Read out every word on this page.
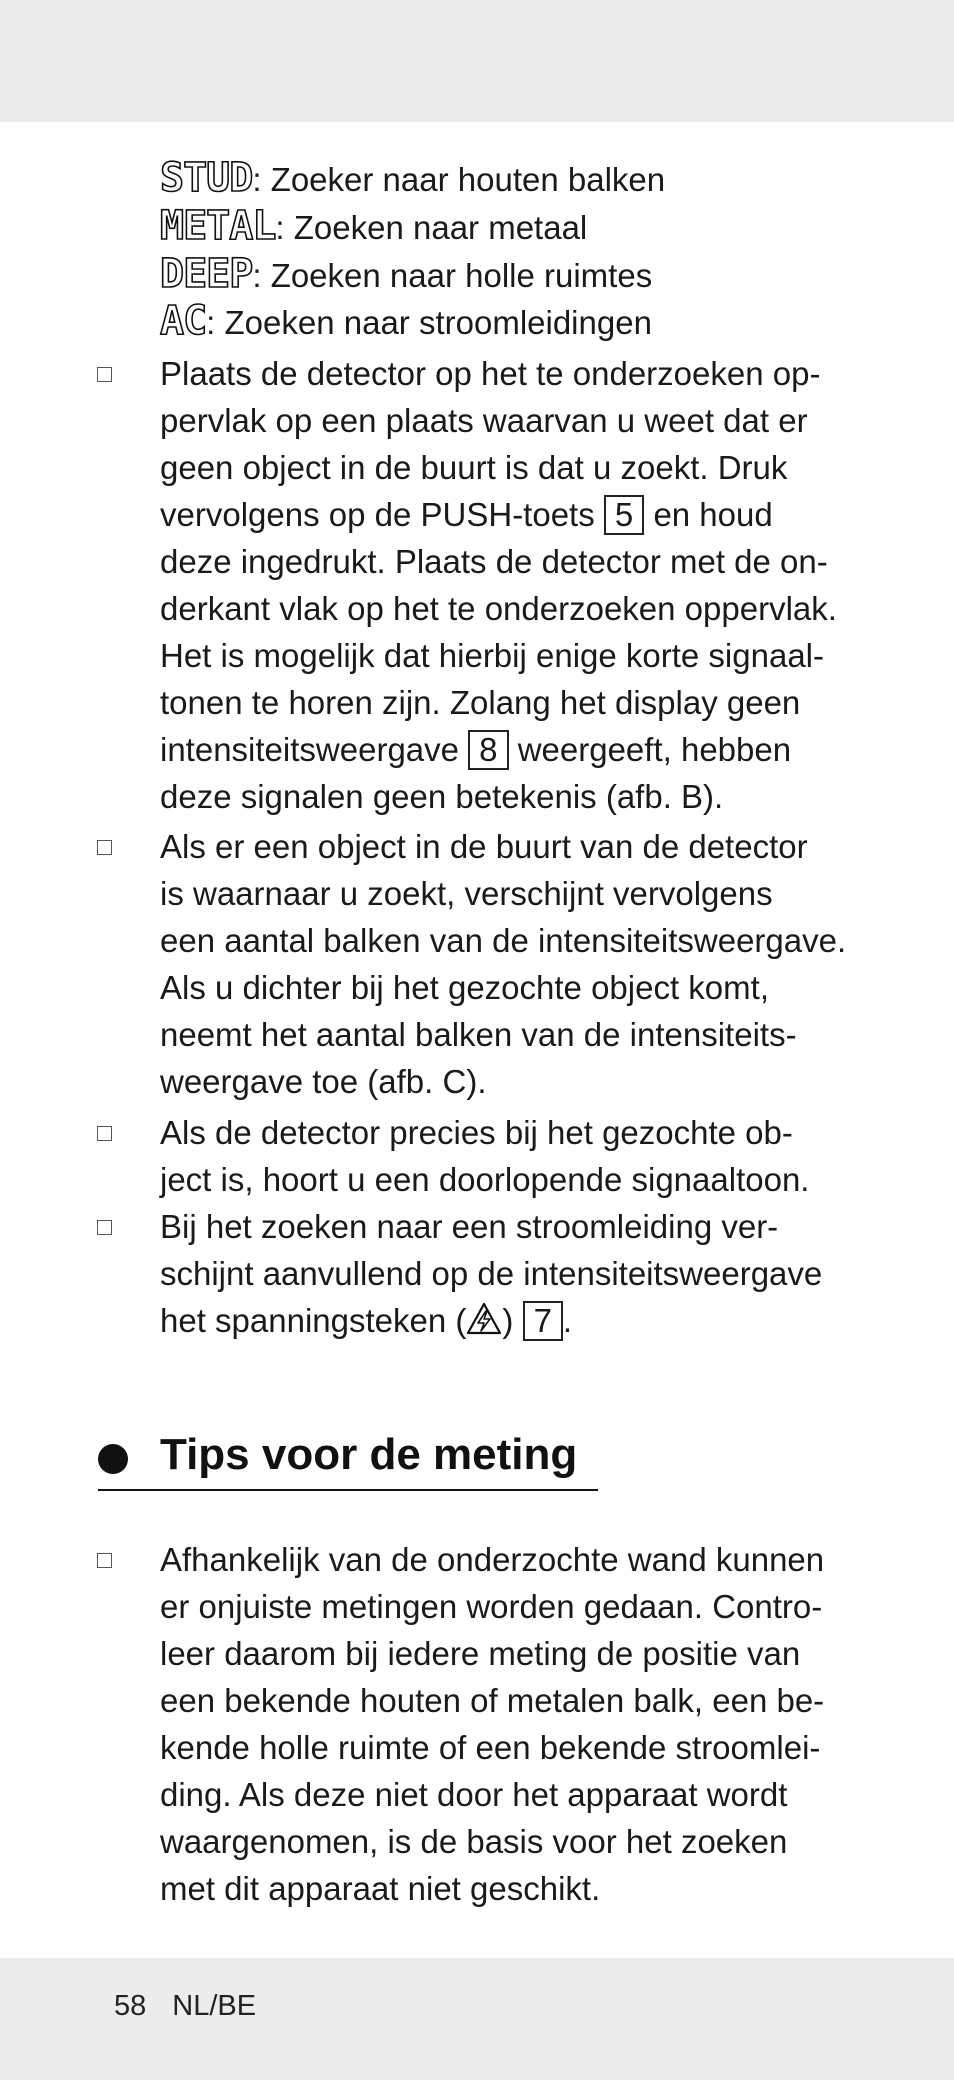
STUD: Zoeker naar houten balken
METAL: Zoeken naar metaal
DEEP: Zoeken naar holle ruimtes
AC: Zoeken naar stroomleidingen
Plaats de detector op het te onderzoeken op-
pervlak op een plaats waarvan u weet dat er
geen object in de buurt is dat u zoekt. Druk
vervolgens op de PUSH-toets 5 en houd
deze ingedrukt. Plaats de detector met de on-
derkant vlak op het te onderzoeken oppervlak.
Het is mogelijk dat hierbij enige korte signaal-
tonen te horen zijn. Zolang het display geen
intensiteitsweergave 8 weergeeft, hebben
deze signalen geen betekenis (afb. B).
Als er een object in de buurt van de detector
is waarnaar u zoekt, verschijnt vervolgens
een aantal balken van de intensiteitsweergave.
Als u dichter bij het gezochte object komt,
neemt het aantal balken van de intensiteits-
weergave toe (afb. C).
Als de detector precies bij het gezochte ob-
ject is, hoort u een doorlopende signaaltoon.
Bij het zoeken naar een stroomleiding ver-
schijnt aanvullend op de intensiteitsweergave
het spanningsteken ( ) 7 .
Tips voor de meting
Afhankelijk van de onderzochte wand kunnen
er onjuiste metingen worden gedaan. Contro-
leer daarom bij iedere meting de positie van
een bekende houten of metalen balk, een be-
kende holle ruimte of een bekende stroomlei-
ding. Als deze niet door het apparaat wordt
waargenomen, is de basis voor het zoeken
met dit apparaat niet geschikt.
58 NL/BE
